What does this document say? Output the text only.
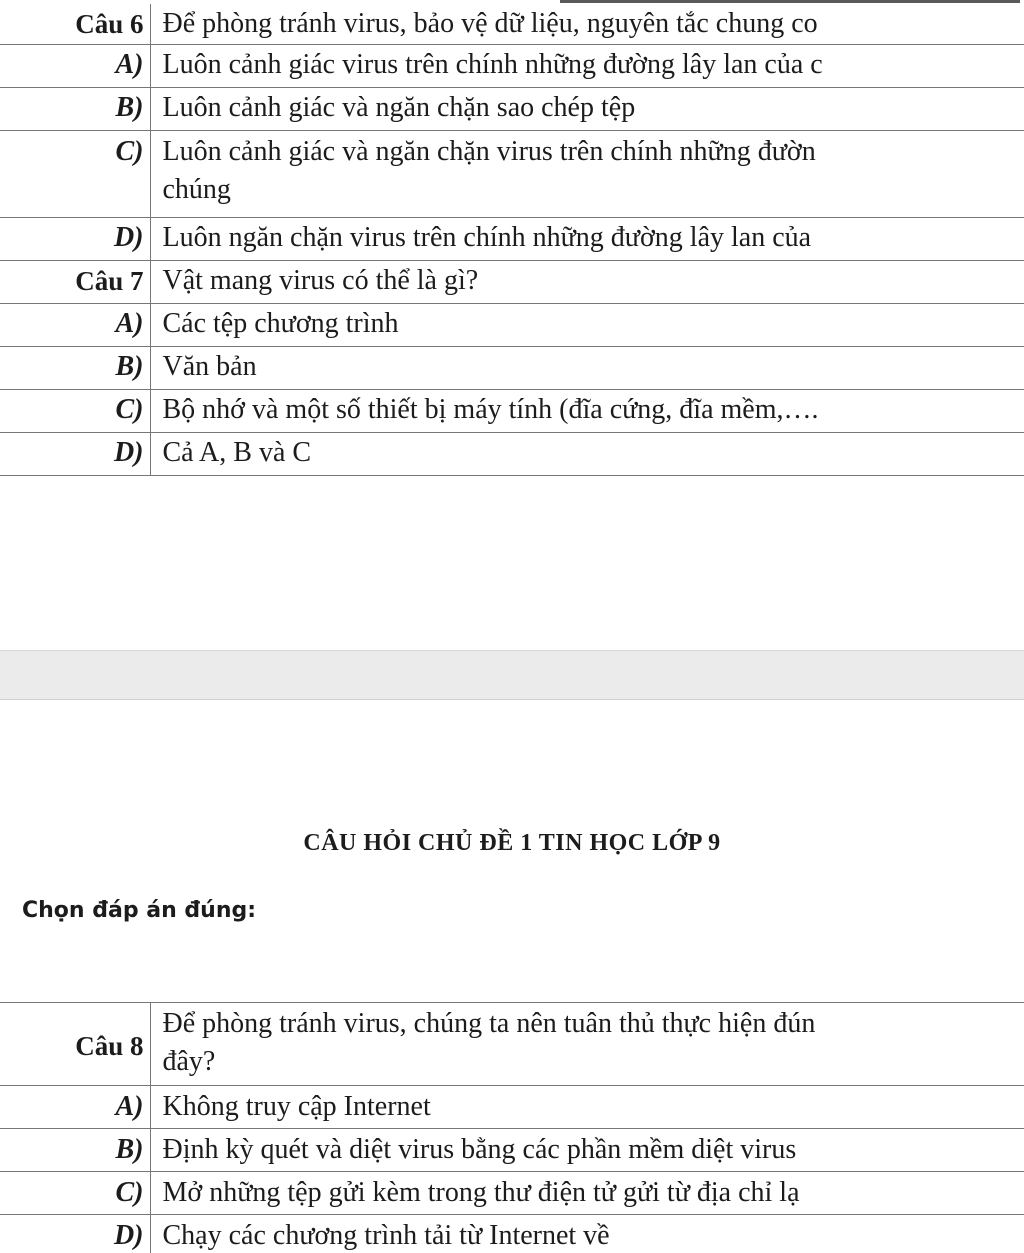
Câu 6	Để phòng tránh virus, bảo vệ dữ liệu, nguyên tắc chung co
A)	Luôn cảnh giác virus trên chính những đường lây lan của c
B)	Luôn cảnh giác và ngăn chặn sao chép tệp
C)	Luôn cảnh giác và ngăn chặn virus trên chính những đườn
chúng

D)	Luôn ngăn chặn virus trên chính những đường lây lan của
Câu 7	Vật mang virus có thể là gì?
A)	Các tệp chương trình
B)	Văn bản
C)	Bộ nhớ và một số thiết bị máy tính (đĩa cứng, đĩa mềm,….
D)	Cả A, B và C
CÂU HỎI CHỦ ĐỀ 1 TIN HỌC LỚP 9
Chọn đáp án đúng:
Câu 8	Để phòng tránh virus, chúng ta nên tuân thủ thực hiện đún
đây?

A)	Không truy cập Internet
B)	Định kỳ quét và diệt virus bằng các phần mềm diệt virus
C)	Mở những tệp gửi kèm trong thư điện tử gửi từ địa chỉ lạ
D)	Chạy các chương trình tải từ Internet về
